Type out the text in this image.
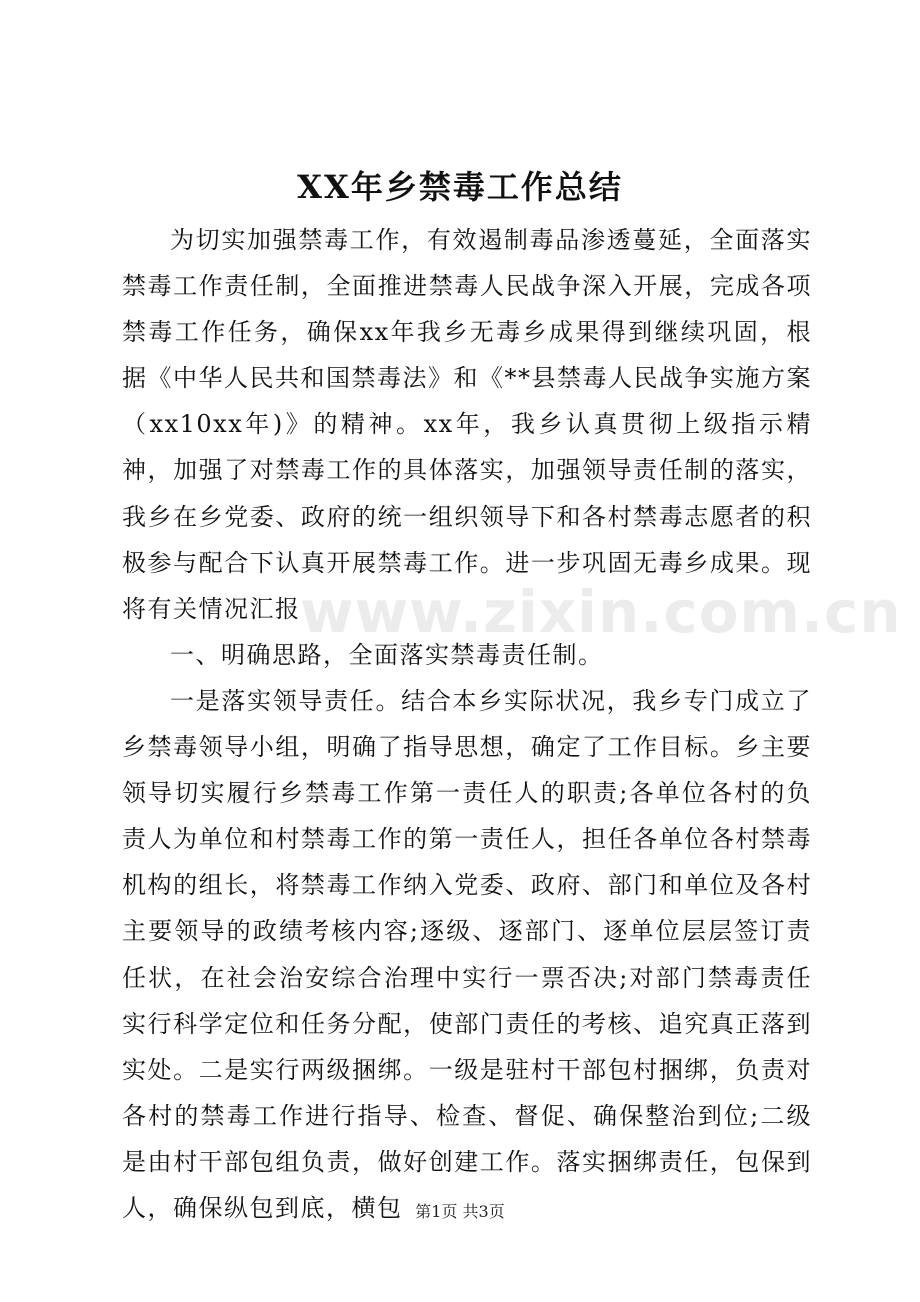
XX年乡禁毒工作总结

为切实加强禁毒工作，有效遏制毒品渗透蔓延，全面落实禁毒工作责任制，全面推进禁毒人民战争深入开展，完成各项禁毒工作任务，确保xx年我乡无毒乡成果得到继续巩固，根据《中华人民共和国禁毒法》和《**县禁毒人民战争实施方案（xx10xx年)》的精神。xx年，我乡认真贯彻上级指示精神，加强了对禁毒工作的具体落实，加强领导责任制的落实，我乡在乡党委、政府的统一组织领导下和各村禁毒志愿者的积极参与配合下认真开展禁毒工作。进一步巩固无毒乡成果。现将有关情况汇报

一、明确思路，全面落实禁毒责任制。

一是落实领导责任。结合本乡实际状况，我乡专门成立了乡禁毒领导小组，明确了指导思想，确定了工作目标。乡主要领导切实履行乡禁毒工作第一责任人的职责;各单位各村的负责人为单位和村禁毒工作的第一责任人，担任各单位各村禁毒机构的组长，将禁毒工作纳入党委、政府、部门和单位及各村主要领导的政绩考核内容;逐级、逐部门、逐单位层层签订责任状，在社会治安综合治理中实行一票否决;对部门禁毒责任实行科学定位和任务分配，使部门责任的考核、追究真正落到实处。二是实行两级捆绑。一级是驻村干部包村捆绑，负责对各村的禁毒工作进行指导、检查、督促、确保整治到位;二级是由村干部包组负责，做好创建工作。落实捆绑责任，包保到人，确保纵包到底，横包

www.zixin.com.cn
第1页 共3页
